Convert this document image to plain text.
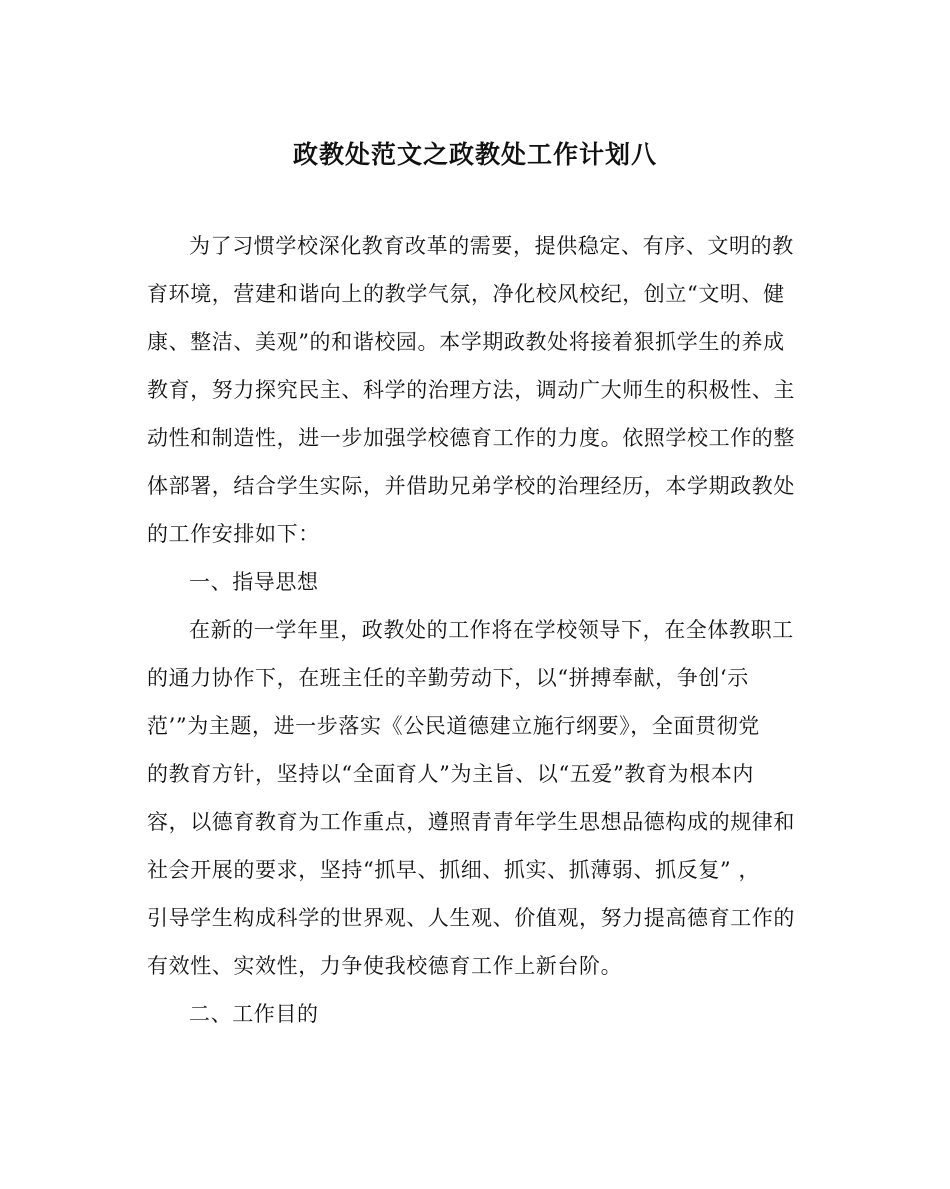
政教处范文之政教处工作计划八
为了习惯学校深化教育改革的需要，提供稳定、有序、文明的教
育环境，营建和谐向上的教学气氛，净化校风校纪，创立“文明、健
康、整洁、美观”的和谐校园。本学期政教处将接着狠抓学生的养成
教育，努力探究民主、科学的治理方法，调动广大师生的积极性、主
动性和制造性，进一步加强学校德育工作的力度。依照学校工作的整
体部署，结合学生实际，并借助兄弟学校的治理经历，本学期政教处
的工作安排如下：
一、指导思想
在新的一学年里，政教处的工作将在学校领导下，在全体教职工
的通力协作下，在班主任的辛勤劳动下，以“拼搏奉献，争创‘示
范’”为主题，进一步落实《公民道德建立施行纲要》，全面贯彻党
的教育方针，坚持以“全面育人”为主旨、以“五爱”教育为根本内
容，以德育教育为工作重点，遵照青青年学生思想品德构成的规律和
社会开展的要求，坚持“抓早、抓细、抓实、抓薄弱、抓反复” ，
引导学生构成科学的世界观、人生观、价值观，努力提高德育工作的
有效性、实效性，力争使我校德育工作上新台阶。
二、工作目的
